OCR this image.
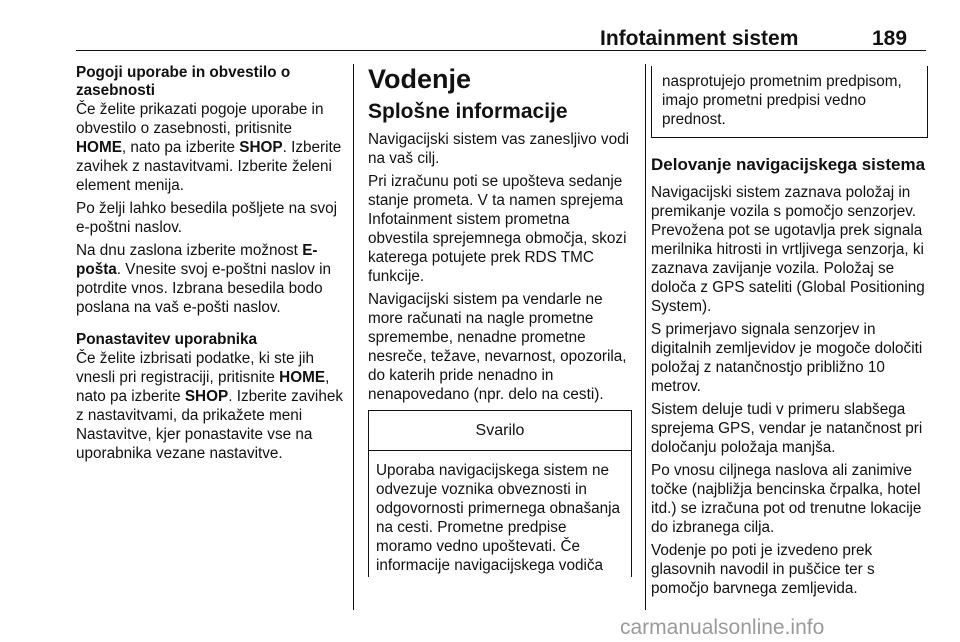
Infotainment sistem	189
Pogoji uporabe in obvestilo o zasebnosti

Če želite prikazati pogoje uporabe in obvestilo o zasebnosti, pritisnite HOME, nato pa izberite SHOP. Izberite zavihek z nastavitvami. Izberite želeni element menija.

Po želji lahko besedila pošljete na svoj e-poštni naslov.

Na dnu zaslona izberite možnost E-pošta. Vnesite svoj e-poštni naslov in potrdite vnos. Izbrana besedila bodo poslana na vaš e-pošti naslov.

Ponastavitev uporabnika

Če želite izbrisati podatke, ki ste jih vnesli pri registraciji, pritisnite HOME, nato pa izberite SHOP. Izberite zavihek z nastavitvami, da prikažete meni Nastavitve, kjer ponastavite vse na uporabnika vezane nastavitve.

Vodenje
Splošne informacije

Navigacijski sistem vas zanesljivo vodi na vaš cilj.

Pri izračunu poti se upošteva sedanje stanje prometa. V ta namen sprejema Infotainment sistem prometna obvestila sprejemnega območja, skozi katerega potujete prek RDS TMC funkcije.

Navigacijski sistem pa vendarle ne more računati na nagle prometne spremembe, nenadne prometne nesreče, težave, nevarnost, opozorila, do katerih pride nenadno in nenapovedano (npr. delo na cesti).

Svarilo
Uporaba navigacijskega sistem ne odvezuje voznika obveznosti in odgovornosti primernega obnašanja na cesti. Prometne predpise moramo vedno upoštevati. Če informacije navigacijskega vodiča
nasprotujejo prometnim predpisom, imajo prometni predpisi vedno prednost.
Delovanje navigacijskega sistema

Navigacijski sistem zaznava položaj in premikanje vozila s pomočjo senzorjev. Prevožena pot se ugotavlja prek signala merilnika hitrosti in vrtljivega senzorja, ki zaznava zavijanje vozila. Položaj se določa z GPS sateliti (Global Positioning System).

S primerjavo signala senzorjev in digitalnih zemljevidov je mogoče določiti položaj z natančnostjo približno 10 metrov.

Sistem deluje tudi v primeru slabšega sprejema GPS, vendar je natančnost pri določanju položaja manjša.

Po vnosu ciljnega naslova ali zanimive točke (najbližja bencinska črpalka, hotel itd.) se izračuna pot od trenutne lokacije do izbranega cilja.

Vodenje po poti je izvedeno prek glasovnih navodil in puščice ter s pomočjo barvnega zemljevida.

carmanualsonline.info
